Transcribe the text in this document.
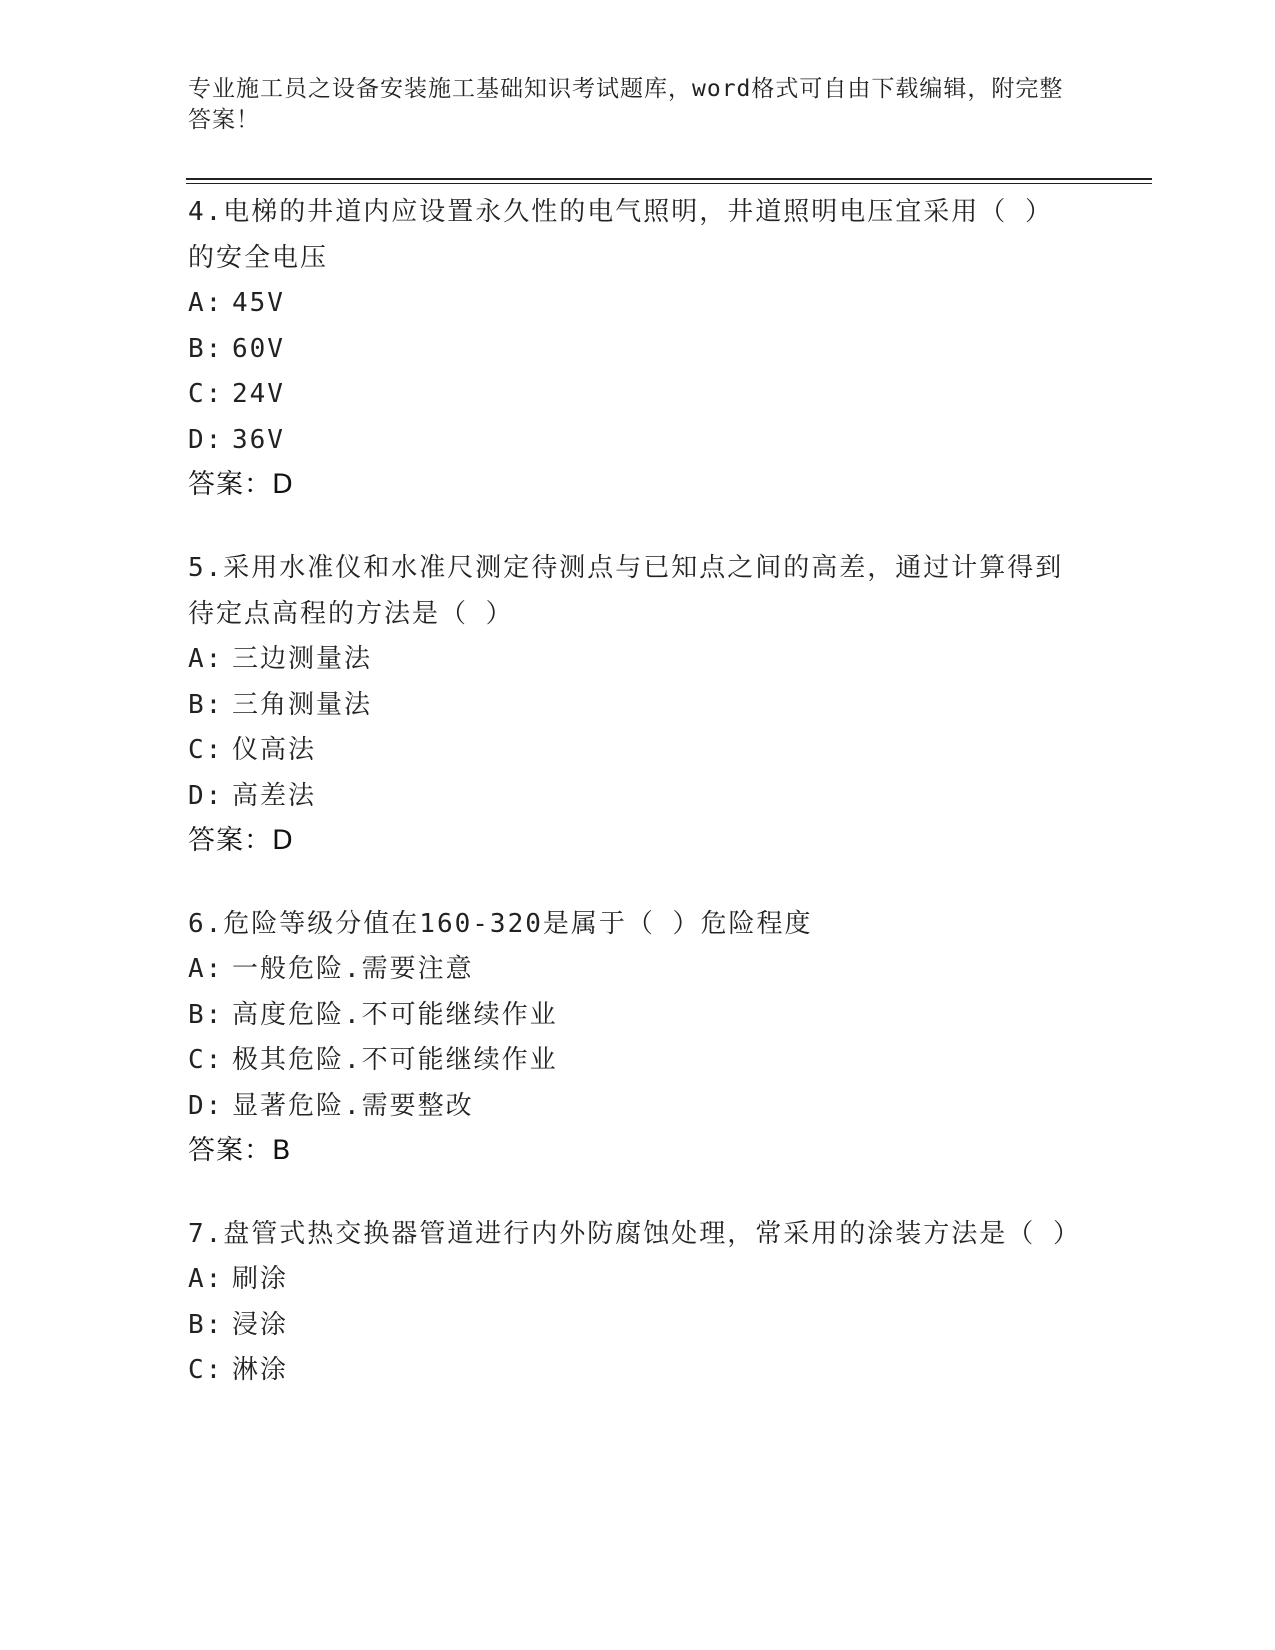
专业施工员之设备安装施工基础知识考试题库，word格式可自由下载编辑，附完整答案！
4.电梯的井道内应设置永久性的电气照明，井道照明电压宜采用（ ）的安全电压
A: 45V
B: 60V
C: 24V
D: 36V
答案：D
5.采用水准仪和水准尺测定待测点与已知点之间的高差，通过计算得到待定点高程的方法是（ ）
A: 三边测量法
B: 三角测量法
C: 仪高法
D: 高差法
答案：D
6.危险等级分值在160-320是属于（ ）危险程度
A: 一般危险.需要注意
B: 高度危险.不可能继续作业
C: 极其危险.不可能继续作业
D: 显著危险.需要整改
答案：B
7.盘管式热交换器管道进行内外防腐蚀处理，常采用的涂装方法是（ ）
A: 刷涂
B: 浸涂
C: 淋涂
